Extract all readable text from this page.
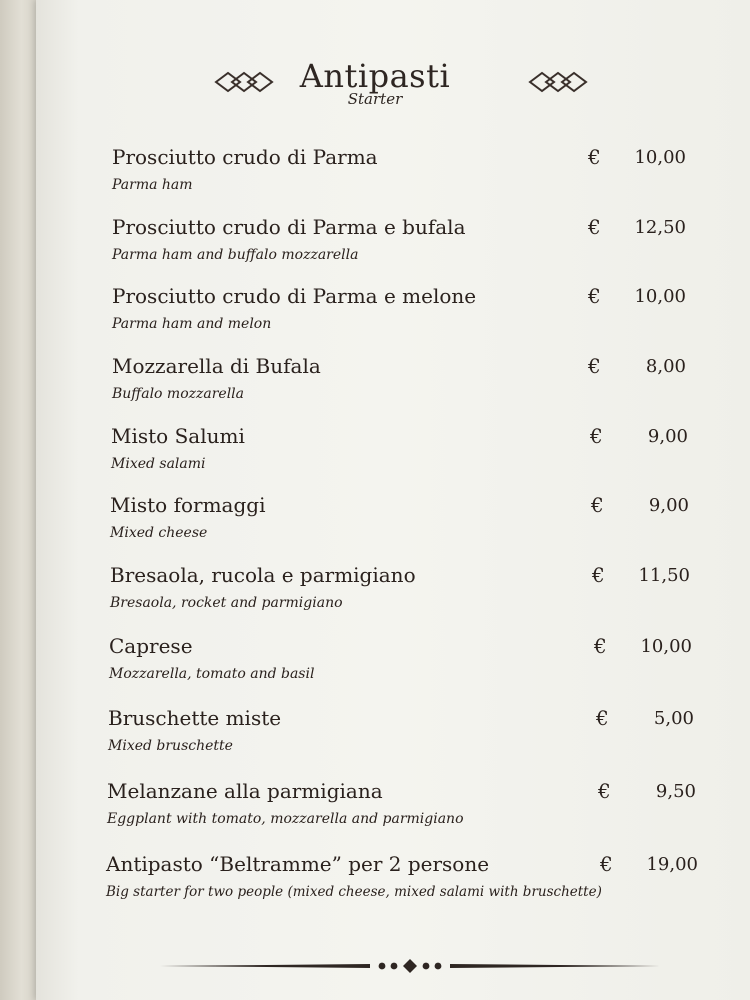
Antipasti
Starter
Prosciutto crudo di Parma
Parma ham
€	10,00
Prosciutto crudo di Parma e bufala
Parma ham and buffalo mozzarella
€	12,50
Prosciutto crudo di Parma e melone
Parma ham and melon
€	10,00
Mozzarella di Bufala
Buffalo mozzarella
€	8,00
Misto Salumi
Mixed salami
€	9,00
Misto formaggi
Mixed cheese
€	9,00
Bresaola, rucola e parmigiano
Bresaola, rocket and parmigiano
€	11,50
Caprese
Mozzarella, tomato and basil
€	10,00
Bruschette miste
Mixed bruschette
€	5,00
Melanzane alla parmigiana
Eggplant with tomato, mozzarella and parmigiano
€	9,50
Antipasto “Beltramme” per 2 persone
Big starter for two people (mixed cheese, mixed salami with bruschette)
€	19,00
